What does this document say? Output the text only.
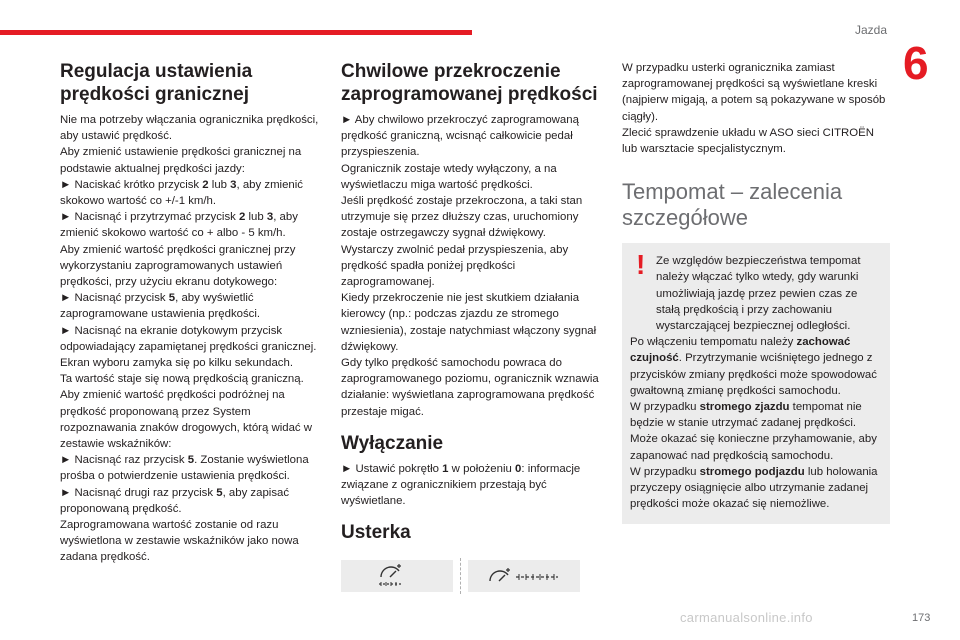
Jazda
6
Regulacja ustawienia prędkości granicznej

Nie ma potrzeby włączania ogranicznika prędkości, aby ustawić prędkość.

Aby zmienić ustawienie prędkości granicznej na podstawie aktualnej prędkości jazdy:

► Naciskać krótko przycisk 2 lub 3, aby zmienić skokowo wartość co +/-1 km/h.

► Nacisnąć i przytrzymać przycisk 2 lub 3, aby zmienić skokowo wartość co + albo - 5 km/h.

Aby zmienić wartość prędkości granicznej przy wykorzystaniu zaprogramowanych ustawień prędkości, przy użyciu ekranu dotykowego:

► Nacisnąć przycisk 5, aby wyświetlić zaprogramowane ustawienia prędkości.

► Nacisnąć na ekranie dotykowym przycisk odpowiadający zapamiętanej prędkości granicznej.

Ekran wyboru zamyka się po kilku sekundach.

Ta wartość staje się nową prędkością graniczną.

Aby zmienić wartość prędkości podróżnej na prędkość proponowaną przez System rozpoznawania znaków drogowych, którą widać w zestawie wskaźników:

► Nacisnąć raz przycisk 5. Zostanie wyświetlona prośba o potwierdzenie ustawienia prędkości.

► Nacisnąć drugi raz przycisk 5, aby zapisać proponowaną prędkość.

Zaprogramowana wartość zostanie od razu wyświetlona w zestawie wskaźników jako nowa zadana prędkość.

Chwilowe przekroczenie zaprogramowanej prędkości

► Aby chwilowo przekroczyć zaprogramowaną prędkość graniczną, wcisnąć całkowicie pedał przyspieszenia.

Ogranicznik zostaje wtedy wyłączony, a na wyświetlaczu miga wartość prędkości.

Jeśli prędkość zostaje przekroczona, a taki stan utrzymuje się przez dłuższy czas, uruchomiony zostaje ostrzegawczy sygnał dźwiękowy.

Wystarczy zwolnić pedał przyspieszenia, aby prędkość spadła poniżej prędkości zaprogramowanej.

Kiedy przekroczenie nie jest skutkiem działania kierowcy (np.: podczas zjazdu ze stromego wzniesienia), zostaje natychmiast włączony sygnał dźwiękowy.

Gdy tylko prędkość samochodu powraca do zaprogramowanego poziomu, ogranicznik wznawia działanie: wyświetlana zaprogramowana prędkość przestaje migać.

Wyłączanie

► Ustawić pokrętło 1 w położeniu 0: informacje związane z ogranicznikiem przestają być wyświetlane.

Usterka

W przypadku usterki ogranicznika zamiast zaprogramowanej prędkości są wyświetlane kreski (najpierw migają, a potem są pokazywane w sposób ciągły).

Zlecić sprawdzenie układu w ASO sieci CITROËN lub warsztacie specjalistycznym.

Tempomat – zalecenia szczegółowe
! Ze względów bezpieczeństwa tempomat należy włączać tylko wtedy, gdy warunki umożliwiają jazdę przez pewien czas ze stałą prędkością i przy zachowaniu wystarczającej bezpiecznej odległości.

Po włączeniu tempomatu należy zachować czujność. Przytrzymanie wciśniętego jednego z przycisków zmiany prędkości może spowodować gwałtowną zmianę prędkości samochodu.

W przypadku stromego zjazdu tempomat nie będzie w stanie utrzymać zadanej prędkości. Może okazać się konieczne przyhamowanie, aby zapanować nad prędkością samochodu.

W przypadku stromego podjazdu lub holowania przyczepy osiągnięcie albo utrzymanie zadanej prędkości może okazać się niemożliwe.

carmanualsonline.info	173
